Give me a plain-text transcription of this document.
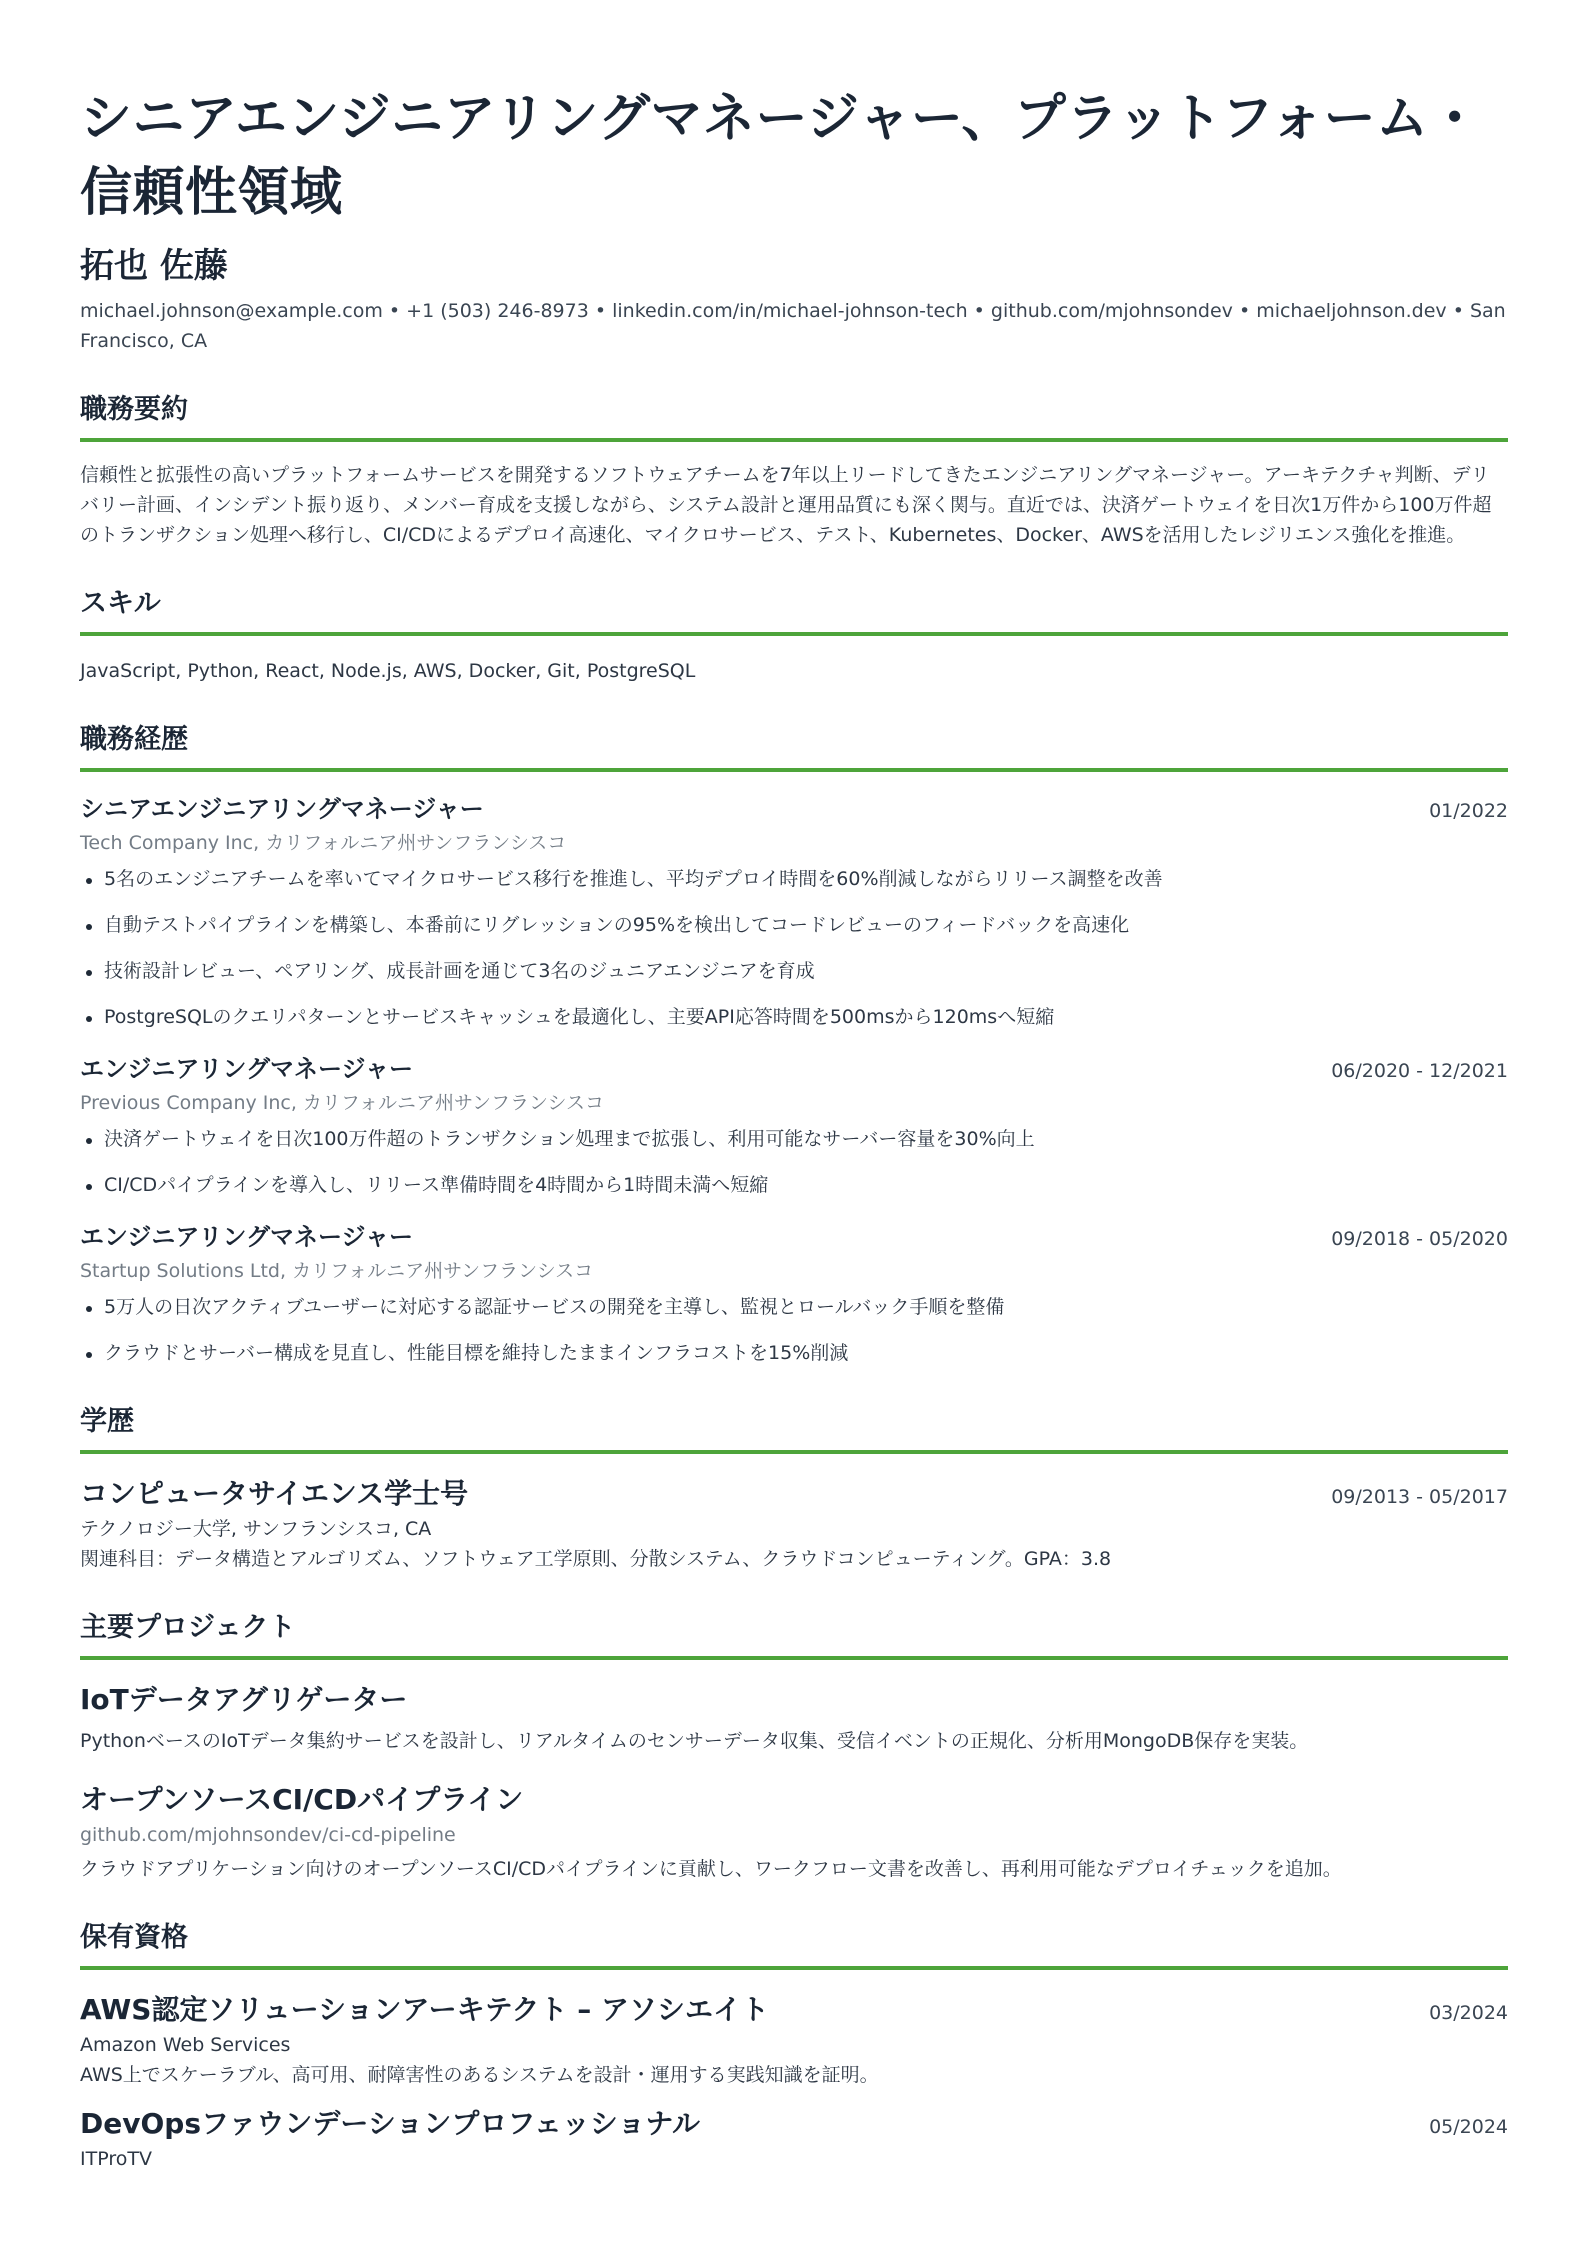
シニアエンジニアリングマネージャー、プラットフォーム・信頼性領域
拓也 佐藤
michael.johnson@example.com • +1 (503) 246-8973 • linkedin.com/in/michael-johnson-tech • github.com/mjohnsondev • michaeljohnson.dev • San Francisco, CA
職務要約
信頼性と拡張性の高いプラットフォームサービスを開発するソフトウェアチームを7年以上リードしてきたエンジニアリングマネージャー。アーキテクチャ判断、デリバリー計画、インシデント振り返り、メンバー育成を支援しながら、システム設計と運用品質にも深く関与。直近では、決済ゲートウェイを日次1万件から100万件超のトランザクション処理へ移行し、CI/CDによるデプロイ高速化、マイクロサービス、テスト、Kubernetes、Docker、AWSを活用したレジリエンス強化を推進。
スキル
JavaScript, Python, React, Node.js, AWS, Docker, Git, PostgreSQL
職務経歴
シニアエンジニアリングマネージャー	01/2022
Tech Company Inc, カリフォルニア州サンフランシスコ
5名のエンジニアチームを率いてマイクロサービス移行を推進し、平均デプロイ時間を60%削減しながらリリース調整を改善
自動テストパイプラインを構築し、本番前にリグレッションの95%を検出してコードレビューのフィードバックを高速化
技術設計レビュー、ペアリング、成長計画を通じて3名のジュニアエンジニアを育成
PostgreSQLのクエリパターンとサービスキャッシュを最適化し、主要API応答時間を500msから120msへ短縮
エンジニアリングマネージャー	06/2020 - 12/2021
Previous Company Inc, カリフォルニア州サンフランシスコ
決済ゲートウェイを日次100万件超のトランザクション処理まで拡張し、利用可能なサーバー容量を30%向上
CI/CDパイプラインを導入し、リリース準備時間を4時間から1時間未満へ短縮
エンジニアリングマネージャー	09/2018 - 05/2020
Startup Solutions Ltd, カリフォルニア州サンフランシスコ
5万人の日次アクティブユーザーに対応する認証サービスの開発を主導し、監視とロールバック手順を整備
クラウドとサーバー構成を見直し、性能目標を維持したままインフラコストを15%削減
学歴
コンピュータサイエンス学士号	09/2013 - 05/2017
テクノロジー大学, サンフランシスコ, CA
関連科目：データ構造とアルゴリズム、ソフトウェア工学原則、分散システム、クラウドコンピューティング。GPA：3.8
主要プロジェクト
IoTデータアグリゲーター
PythonベースのIoTデータ集約サービスを設計し、リアルタイムのセンサーデータ収集、受信イベントの正規化、分析用MongoDB保存を実装。
オープンソースCI/CDパイプライン
github.com/mjohnsondev/ci-cd-pipeline
クラウドアプリケーション向けのオープンソースCI/CDパイプラインに貢献し、ワークフロー文書を改善し、再利用可能なデプロイチェックを追加。
保有資格
AWS認定ソリューションアーキテクト – アソシエイト	03/2024
Amazon Web Services
AWS上でスケーラブル、高可用、耐障害性のあるシステムを設計・運用する実践知識を証明。
DevOpsファウンデーションプロフェッショナル	05/2024
ITProTV
